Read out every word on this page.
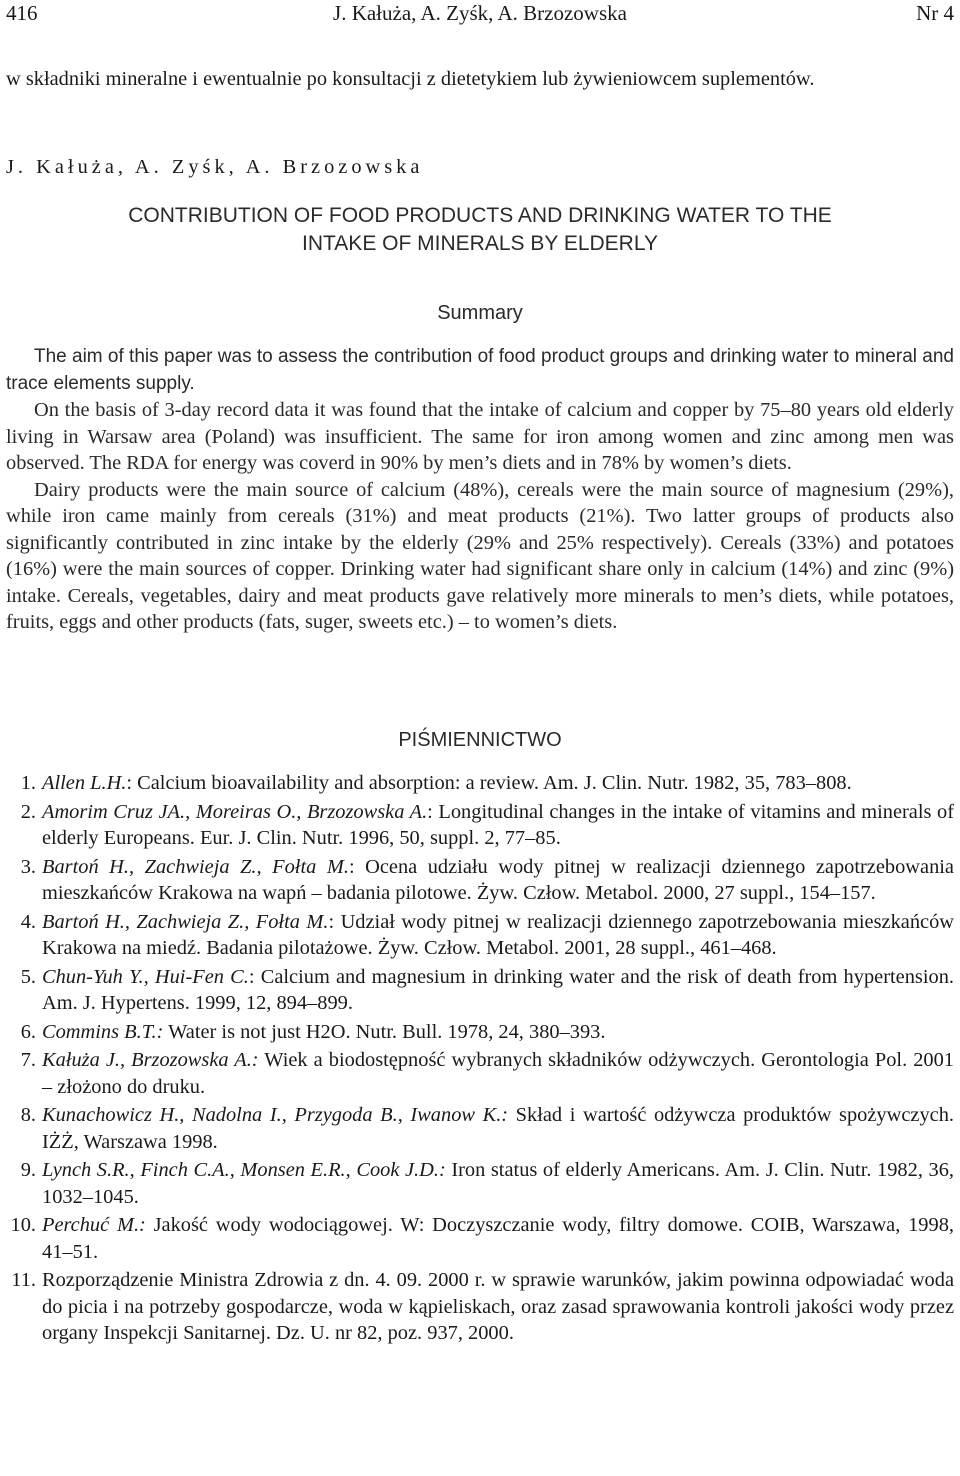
416	J. Kałuża, A. Zyśk, A. Brzozowska	Nr 4
w składniki mineralne i ewentualnie po konsultacji z dietetykiem lub żywieniowcem suplementów.
J. Kałuża, A. Zyśk, A. Brzozowska
CONTRIBUTION OF FOOD PRODUCTS AND DRINKING WATER TO THE
INTAKE OF MINERALS BY ELDERLY
Summary

The aim of this paper was to assess the contribution of food product groups and drinking water to mineral and trace elements supply.

On the basis of 3-day record data it was found that the intake of calcium and copper by 75–80 years old elderly living in Warsaw area (Poland) was insufficient. The same for iron among women and zinc among men was observed. The RDA for energy was coverd in 90% by men’s diets and in 78% by women’s diets.

Dairy products were the main source of calcium (48%), cereals were the main source of magnesium (29%), while iron came mainly from cereals (31%) and meat products (21%). Two latter groups of products also significantly contributed in zinc intake by the elderly (29% and 25% respectively). Cereals (33%) and potatoes (16%) were the main sources of copper. Drinking water had significant share only in calcium (14%) and zinc (9%) intake. Cereals, vegetables, dairy and meat products gave relatively more minerals to men’s diets, while potatoes, fruits, eggs and other products (fats, suger, sweets etc.) – to women’s diets.

PIŚMIENNICTWO
1. Allen L.H.: Calcium bioavailability and absorption: a review. Am. J. Clin. Nutr. 1982, 35, 783–808.
2. Amorim Cruz JA., Moreiras O., Brzozowska A.: Longitudinal changes in the intake of vitamins and minerals of elderly Europeans. Eur. J. Clin. Nutr. 1996, 50, suppl. 2, 77–85.
3. Bartoń H., Zachwieja Z., Fołta M.: Ocena udziału wody pitnej w realizacji dziennego zapotrzebowania mieszkańców Krakowa na wapń – badania pilotowe. Żyw. Człow. Metabol. 2000, 27 suppl., 154–157.
4. Bartoń H., Zachwieja Z., Fołta M.: Udział wody pitnej w realizacji dziennego zapotrzebowania mieszkańców Krakowa na miedź. Badania pilotażowe. Żyw. Człow. Metabol. 2001, 28 suppl., 461–468.
5. Chun-Yuh Y., Hui-Fen C.: Calcium and magnesium in drinking water and the risk of death from hypertension. Am. J. Hypertens. 1999, 12, 894–899.
6. Commins B.T.: Water is not just H2O. Nutr. Bull. 1978, 24, 380–393.
7. Kałuża J., Brzozowska A.: Wiek a biodostępność wybranych składników odżywczych. Gerontologia Pol. 2001 – złożono do druku.
8. Kunachowicz H., Nadolna I., Przygoda B., Iwanow K.: Skład i wartość odżywcza produktów spożywczych. IŻŻ, Warszawa 1998.
9. Lynch S.R., Finch C.A., Monsen E.R., Cook J.D.: Iron status of elderly Americans. Am. J. Clin. Nutr. 1982, 36, 1032–1045.
10. Perchuć M.: Jakość wody wodociągowej. W: Doczyszczanie wody, filtry domowe. COIB, Warszawa, 1998, 41–51.
11. Rozporządzenie Ministra Zdrowia z dn. 4. 09. 2000 r. w sprawie warunków, jakim powinna odpowiadać woda do picia i na potrzeby gospodarcze, woda w kąpieliskach, oraz zasad sprawowania kontroli jakości wody przez organy Inspekcji Sanitarnej. Dz. U. nr 82, poz. 937, 2000.
